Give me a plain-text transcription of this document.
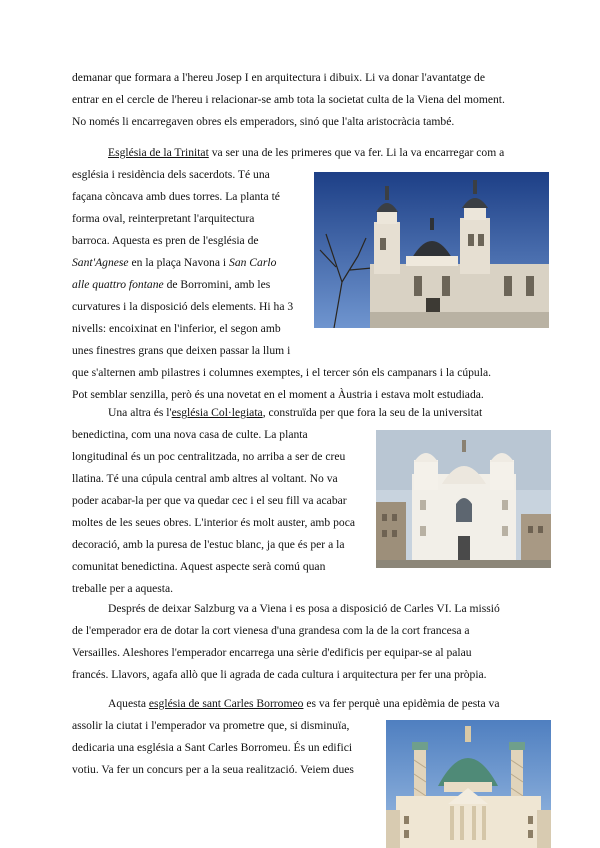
demanar que formara a l'hereu Josep I en arquitectura i dibuix. Li va donar l'avantatge de
entrar en el cercle de l'hereu i relacionar-se amb tota la societat culta de la Viena del moment.
No només li encarregaven obres els emperadors, sinó que l'alta aristocràcia també.
Església de la Trinitat va ser una de les primeres que va fer. Li la va encarregar com a
església i residència dels sacerdots. Té una
façana còncava amb dues torres. La planta té
forma oval, reinterpretant l'arquitectura
barroca. Aquesta es pren de l'església de
Sant'Agnese en la plaça Navona i San Carlo
alle quattro fontane de Borromini, amb les
curvatures i la disposició dels elements. Hi ha 3
nivells: encoixinat en l'inferior, el segon amb
unes finestres grans que deixen passar la llum i
que s'alternen amb pilastres i columnes exemptes, i el tercer són els campanars i la cúpula.
Pot semblar senzilla, però és una novetat en el moment a Àustria i estava molt estudiada.
Una altra és l'església Col·legiata, construïda per que fora la seu de la universitat
benedictina, com una nova casa de culte. La planta
longitudinal és un poc centralitzada, no arriba a ser de creu
llatina. Té una cúpula central amb altres al voltant. No va
poder acabar-la per que va quedar cec i el seu fill va acabar
moltes de les seues obres. L'interior és molt auster, amb poca
decoració, amb la puresa de l'estuc blanc, ja que és per a la
comunitat benedictina. Aquest aspecte serà comú quan
treballe per a aquesta.
Després de deixar Salzburg va a Viena i es posa a disposició de Carles VI. La missió
de l'emperador era de dotar la cort vienesa d'una grandesa com la de la cort francesa a
Versailles. Aleshores l'emperador encarrega una sèrie d'edificis per equipar-se al palau
francés. Llavors, agafa allò que li agrada de cada cultura i arquitectura per fer una pròpia.
Aquesta església de sant Carles Borromeo es va fer perquè una epidèmia de pesta va
assolir la ciutat i l'emperador va prometre que, si disminuïa,
dedicaria una església a Sant Carles Borromeu. És un edifici
votiu. Va fer un concurs per a la seua realització. Veiem dues
